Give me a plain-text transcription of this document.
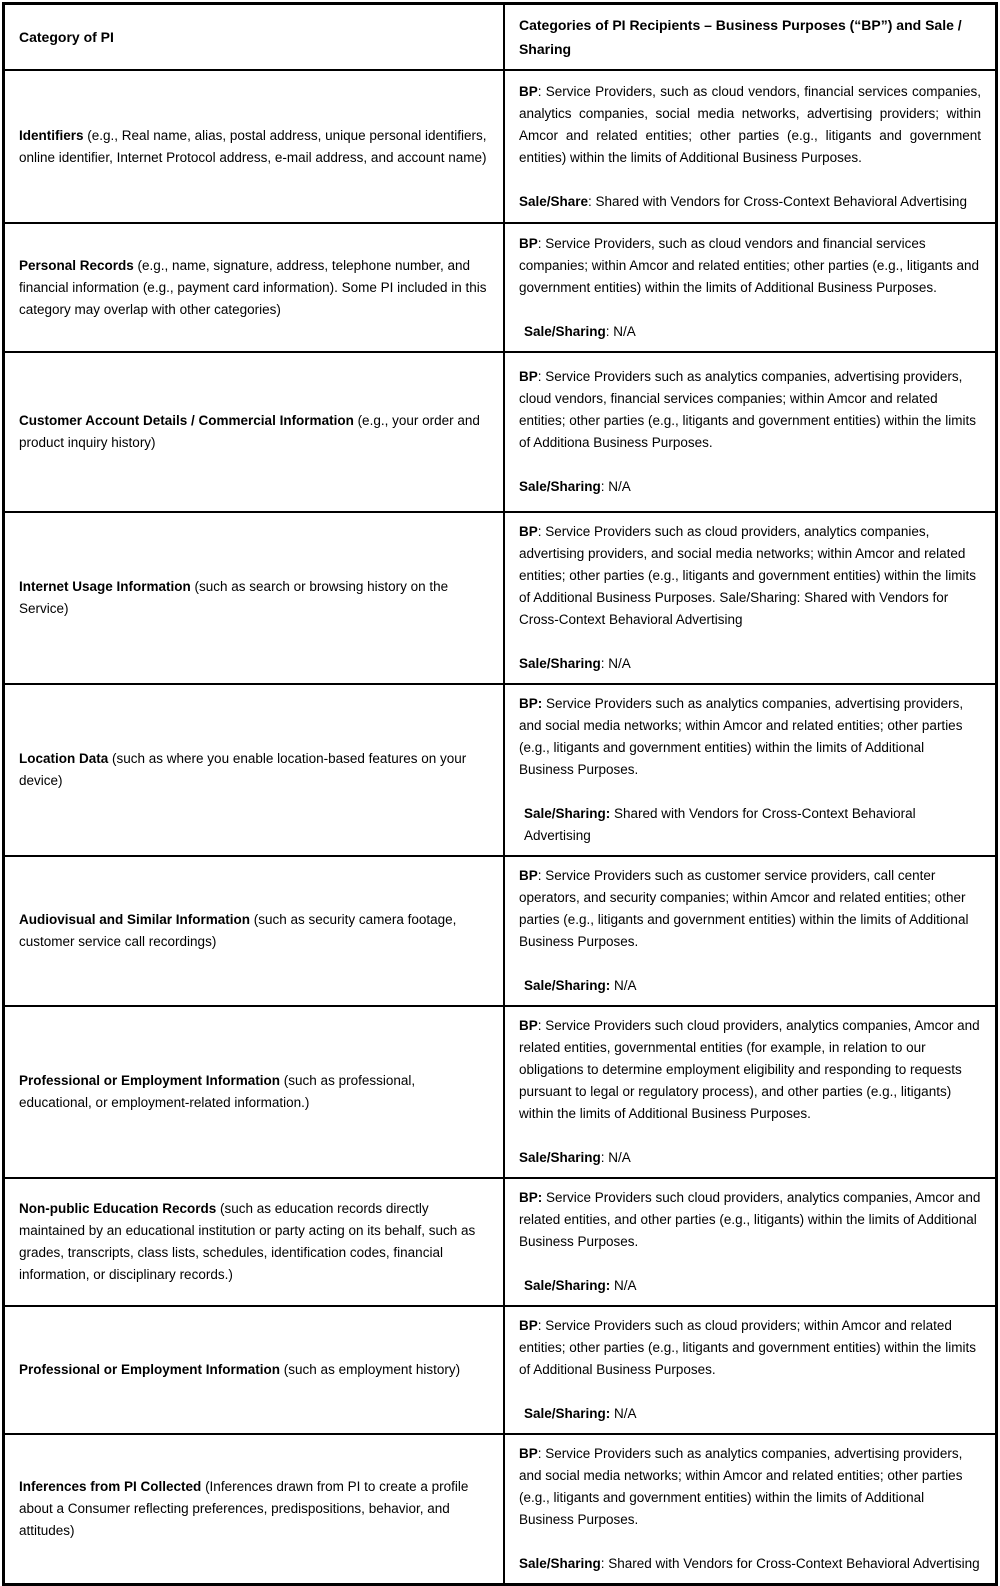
Category of PI	Categories of PI Recipients – Business Purposes (“BP”) and Sale / Sharing

Identifiers (e.g., Real name, alias, postal address, unique personal identifiers, online identifier, Internet Protocol address, e-mail address, and account name)	BP: Service Providers, such as cloud vendors, financial services companies, analytics companies, social media networks, advertising providers; within Amcor and related entities; other parties (e.g., litigants and government entities) within the limits of Additional Business Purposes.

Sale/Share: Shared with Vendors for Cross-Context Behavioral Advertising

Personal Records (e.g., name, signature, address, telephone number, and financial information (e.g., payment card information). Some PI included in this category may overlap with other categories)	BP: Service Providers, such as cloud vendors and financial services companies; within Amcor and related entities; other parties (e.g., litigants and government entities) within the limits of Additional Business Purposes.

Sale/Sharing: N/A

Customer Account Details / Commercial Information (e.g., your order and product inquiry history)	BP: Service Providers such as analytics companies, advertising providers, cloud vendors, financial services companies; within Amcor and related entities; other parties (e.g., litigants and government entities) within the limits of Additiona Business Purposes.

Sale/Sharing: N/A

Internet Usage Information (such as search or browsing history on the Service)	BP: Service Providers such as cloud providers, analytics companies, advertising providers, and social media networks; within Amcor and related entities; other parties (e.g., litigants and government entities) within the limits of Additional Business Purposes. Sale/Sharing: Shared with Vendors for Cross-Context Behavioral Advertising

Sale/Sharing: N/A

Location Data (such as where you enable location-based features on your device)	BP: Service Providers such as analytics companies, advertising providers, and social media networks; within Amcor and related entities; other parties (e.g., litigants and government entities) within the limits of Additional Business Purposes.

Sale/Sharing: Shared with Vendors for Cross-Context Behavioral Advertising

Audiovisual and Similar Information (such as security camera footage, customer service call recordings)	BP: Service Providers such as customer service providers, call center operators, and security companies; within Amcor and related entities; other parties (e.g., litigants and government entities) within the limits of Additional Business Purposes.

Sale/Sharing: N/A

Professional or Employment Information (such as professional, educational, or employment-related information.)	BP: Service Providers such cloud providers, analytics companies, Amcor and related entities, governmental entities (for example, in relation to our obligations to determine employment eligibility and responding to requests pursuant to legal or regulatory process), and other parties (e.g., litigants) within the limits of Additional Business Purposes.

Sale/Sharing: N/A

Non-public Education Records (such as education records directly maintained by an educational institution or party acting on its behalf, such as grades, transcripts, class lists, schedules, identification codes, financial information, or disciplinary records.)	BP: Service Providers such cloud providers, analytics companies, Amcor and related entities, and other parties (e.g., litigants) within the limits of Additional Business Purposes.

Sale/Sharing: N/A

Professional or Employment Information (such as employment history)	BP: Service Providers such as cloud providers; within Amcor and related entities; other parties (e.g., litigants and government entities) within the limits of Additional Business Purposes.

Sale/Sharing: N/A

Inferences from PI Collected (Inferences drawn from PI to create a profile about a Consumer reflecting preferences, predispositions, behavior, and attitudes)	BP: Service Providers such as analytics companies, advertising providers, and social media networks; within Amcor and related entities; other parties (e.g., litigants and government entities) within the limits of Additional Business Purposes.

Sale/Sharing: Shared with Vendors for Cross-Context Behavioral Advertising
